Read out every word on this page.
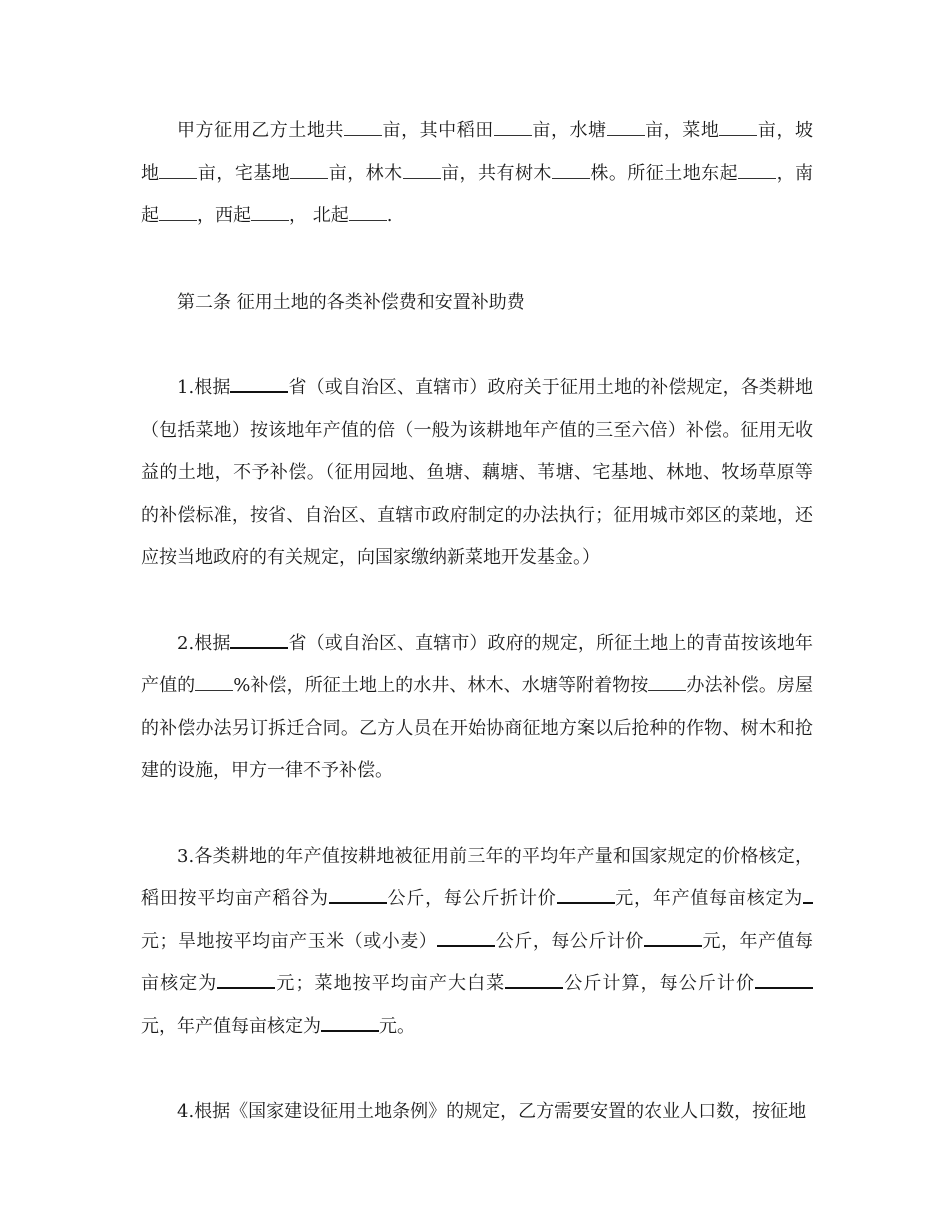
甲方征用乙方土地共 亩，其中稻田 亩，水塘 亩，菜地 亩，坡地 亩，宅基地 亩，林木 亩，共有树木 株。所征土地东起 ，南起 ，西起 ， 北起 .

第二条 征用土地的各类补偿费和安置补助费

1.根据	省（或自治区、直辖市）政府关于征用土地的补偿规定，各类耕地（包括菜地）按该地年产值的倍（一般为该耕地年产值的三至六倍）补偿。征用无收益的土地，不予补偿。（征用园地、鱼塘、藕塘、苇塘、宅基地、林地、牧场草原等的补偿标准，按省、自治区、直辖市政府制定的办法执行；征用城市郊区的菜地，还应按当地政府的有关规定，向国家缴纳新菜地开发基金。）

2.根据	省（或自治区、直辖市）政府的规定，所征土地上的青苗按该地年产值的 %补偿，所征土地上的水井、林木、水塘等附着物按 办法补偿。房屋的补偿办法另订拆迁合同。乙方人员在开始协商征地方案以后抢种的作物、树木和抢建的设施，甲方一律不予补偿。

3.各类耕地的年产值按耕地被征用前三年的平均年产量和国家规定的价格核定，稻田按平均亩产稻谷为	公斤，每公斤折计价	元，年产值每亩核定为元；旱地按平均亩产玉米（或小麦）	公斤，每公斤计价	元，年产值每亩核定为	元；菜地按平均亩产大白菜	公斤计算，每公斤计价元，年产值每亩核定为	元。

4.根据《国家建设征用土地条例》的规定，乙方需要安置的农业人口数，按征地
